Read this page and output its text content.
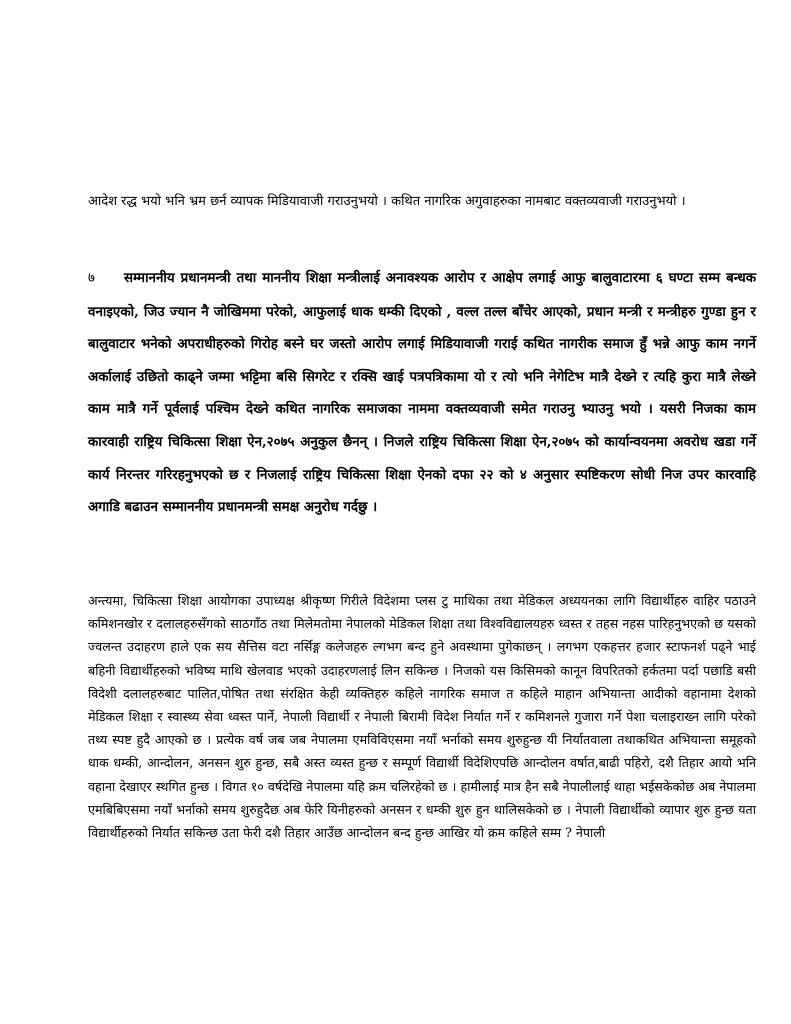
आदेश रद्ध भयो भनि भ्रम छर्न व्यापक मिडियावाजी गराउनुभयो । कथित नागरिक अगुवाहरुका नामबाट वक्तव्यवाजी गराउनुभयो ।

७ सम्माननीय प्रधानमन्त्री तथा माननीय शिक्षा मन्त्रीलाई अनावश्यक आरोप र आक्षेप लगाई आफु बालुवाटारमा ६ घण्टा सम्म बन्धक वनाइएको, जिउ ज्यान नै जोखिममा परेको, आफुलाई धाक धम्की दिएको , वल्ल तल्ल बाँचेर आएको, प्रधान मन्त्री र मन्त्रीहरु गुण्डा हुन र बालुवाटार भनेको अपराधीहरुको गिरोह बस्ने घर जस्तो आरोप लगाई मिडियावाजी गराई कथित नागरीक समाज हुँ भन्ने आफु काम नगर्ने अर्कालाई उछितो काढ्ने जम्मा भट्टिमा बसि सिगरेट र रक्सि खाई पत्रपत्रिकामा यो र त्यो भनि नेगेटिभ मात्रै देख्ने र त्यहि कुरा मात्रै लेख्ने काम मात्रै गर्ने पूर्वलाई पश्चिम देख्ने कथित नागरिक समाजका नाममा वक्तव्यवाजी समेत गराउनु भ्याउनु भयो । यसरी निजका काम कारवाही राष्ट्रिय चिकित्सा शिक्षा ऐन,२०७५ अनुकुल छैनन् । निजले राष्ट्रिय चिकित्सा शिक्षा ऐन,२०७५ को कार्यान्वयनमा अवरोध खडा गर्ने कार्य निरन्तर गरिरहनुभएको छ र निजलाई राष्ट्रिय चिकित्सा शिक्षा ऐनको दफा २२ को ४ अनुसार स्पष्टिकरण सोधी निज उपर कारवाहि अगाडि बढाउन सम्माननीय प्रधानमन्त्री समक्ष अनुरोध गर्दछु ।

अन्त्यमा, चिकित्सा शिक्षा आयोगका उपाध्यक्ष श्रीकृष्ण गिरीले विदेशमा प्लस टु माथिका तथा मेडिकल अध्ययनका लागि विद्यार्थीहरु वाहिर पठाउने कमिशनखोर र दलालहरुसँगको साठगाँठ तथा मिलेमतोमा नेपालको मेडिकल शिक्षा तथा विश्वविद्यालयहरु ध्वस्त र तहस नहस पारिहनुभएको छ यसको ज्वलन्त उदाहरण हाले एक सय सैत्तिस वटा नर्सिङ्ग कलेजहरु ल्गभग बन्द हुने अवस्थामा पुगेकाछन् । लगभग एकहत्तर हजार स्टाफनर्श पढ्ने भाई बहिनी विद्यार्थीहरुको भविष्य माथि खेलवाड भएको उदाहरणलाई लिन सकिन्छ । निजको यस किसिमको कानून विपरितको हर्कतमा पर्दा पछाडि बसी विदेशी दलालहरुबाट पालित,पोषित तथा संरक्षित केही व्यक्तिहरु कहिले नागरिक समाज त कहिले माहान अभियान्ता आदीको वहानामा देशको मेडिकल शिक्षा र स्वास्थ्य सेवा ध्वस्त पार्ने, नेपाली विद्यार्थी र नेपाली बिरामी विदेश निर्यात गर्ने र कमिशनले गुजारा गर्ने पेशा चलाइराख्न लागि परेको तथ्य स्पष्ट हुदै आएको छ । प्रत्येक वर्ष जब जब नेपालमा एमविविएसमा नयाँ भर्नाको समय शुरुहुन्छ यी निर्यातवाला तथाकथित अभियान्ता समूहको धाक धम्की, आन्दोलन, अनसन शुरु हुन्छ, सबै अस्त व्यस्त हुन्छ र सम्पूर्ण विद्यार्थी विदेशिएपछि आन्दोलन वर्षात,बाढी पहिरो, दशै तिहार आयो भनि वहाना देखाएर स्थगित हुन्छ । विगत १० वर्षदेखि नेपालमा यहि क्रम चलिरहेको छ । हामीलाई मात्र हैन सबै नेपालीलाई थाहा भईसकेकोछ अब नेपालमा एमबिबिएसमा नयाँ भर्नाको समय शुरुहुदैछ अब फेरि यिनीहरुको अनसन र धम्की शुरु हुन थालिसकेको छ । नेपाली विद्यार्थीको व्यापार शुरु हुन्छ यता विद्यार्थीहरुको निर्यात सकिन्छ उता फेरी दशै तिहार आउँछ आन्दोलन बन्द हुन्छ आखिर यो क्रम कहिले सम्म ? नेपाली
